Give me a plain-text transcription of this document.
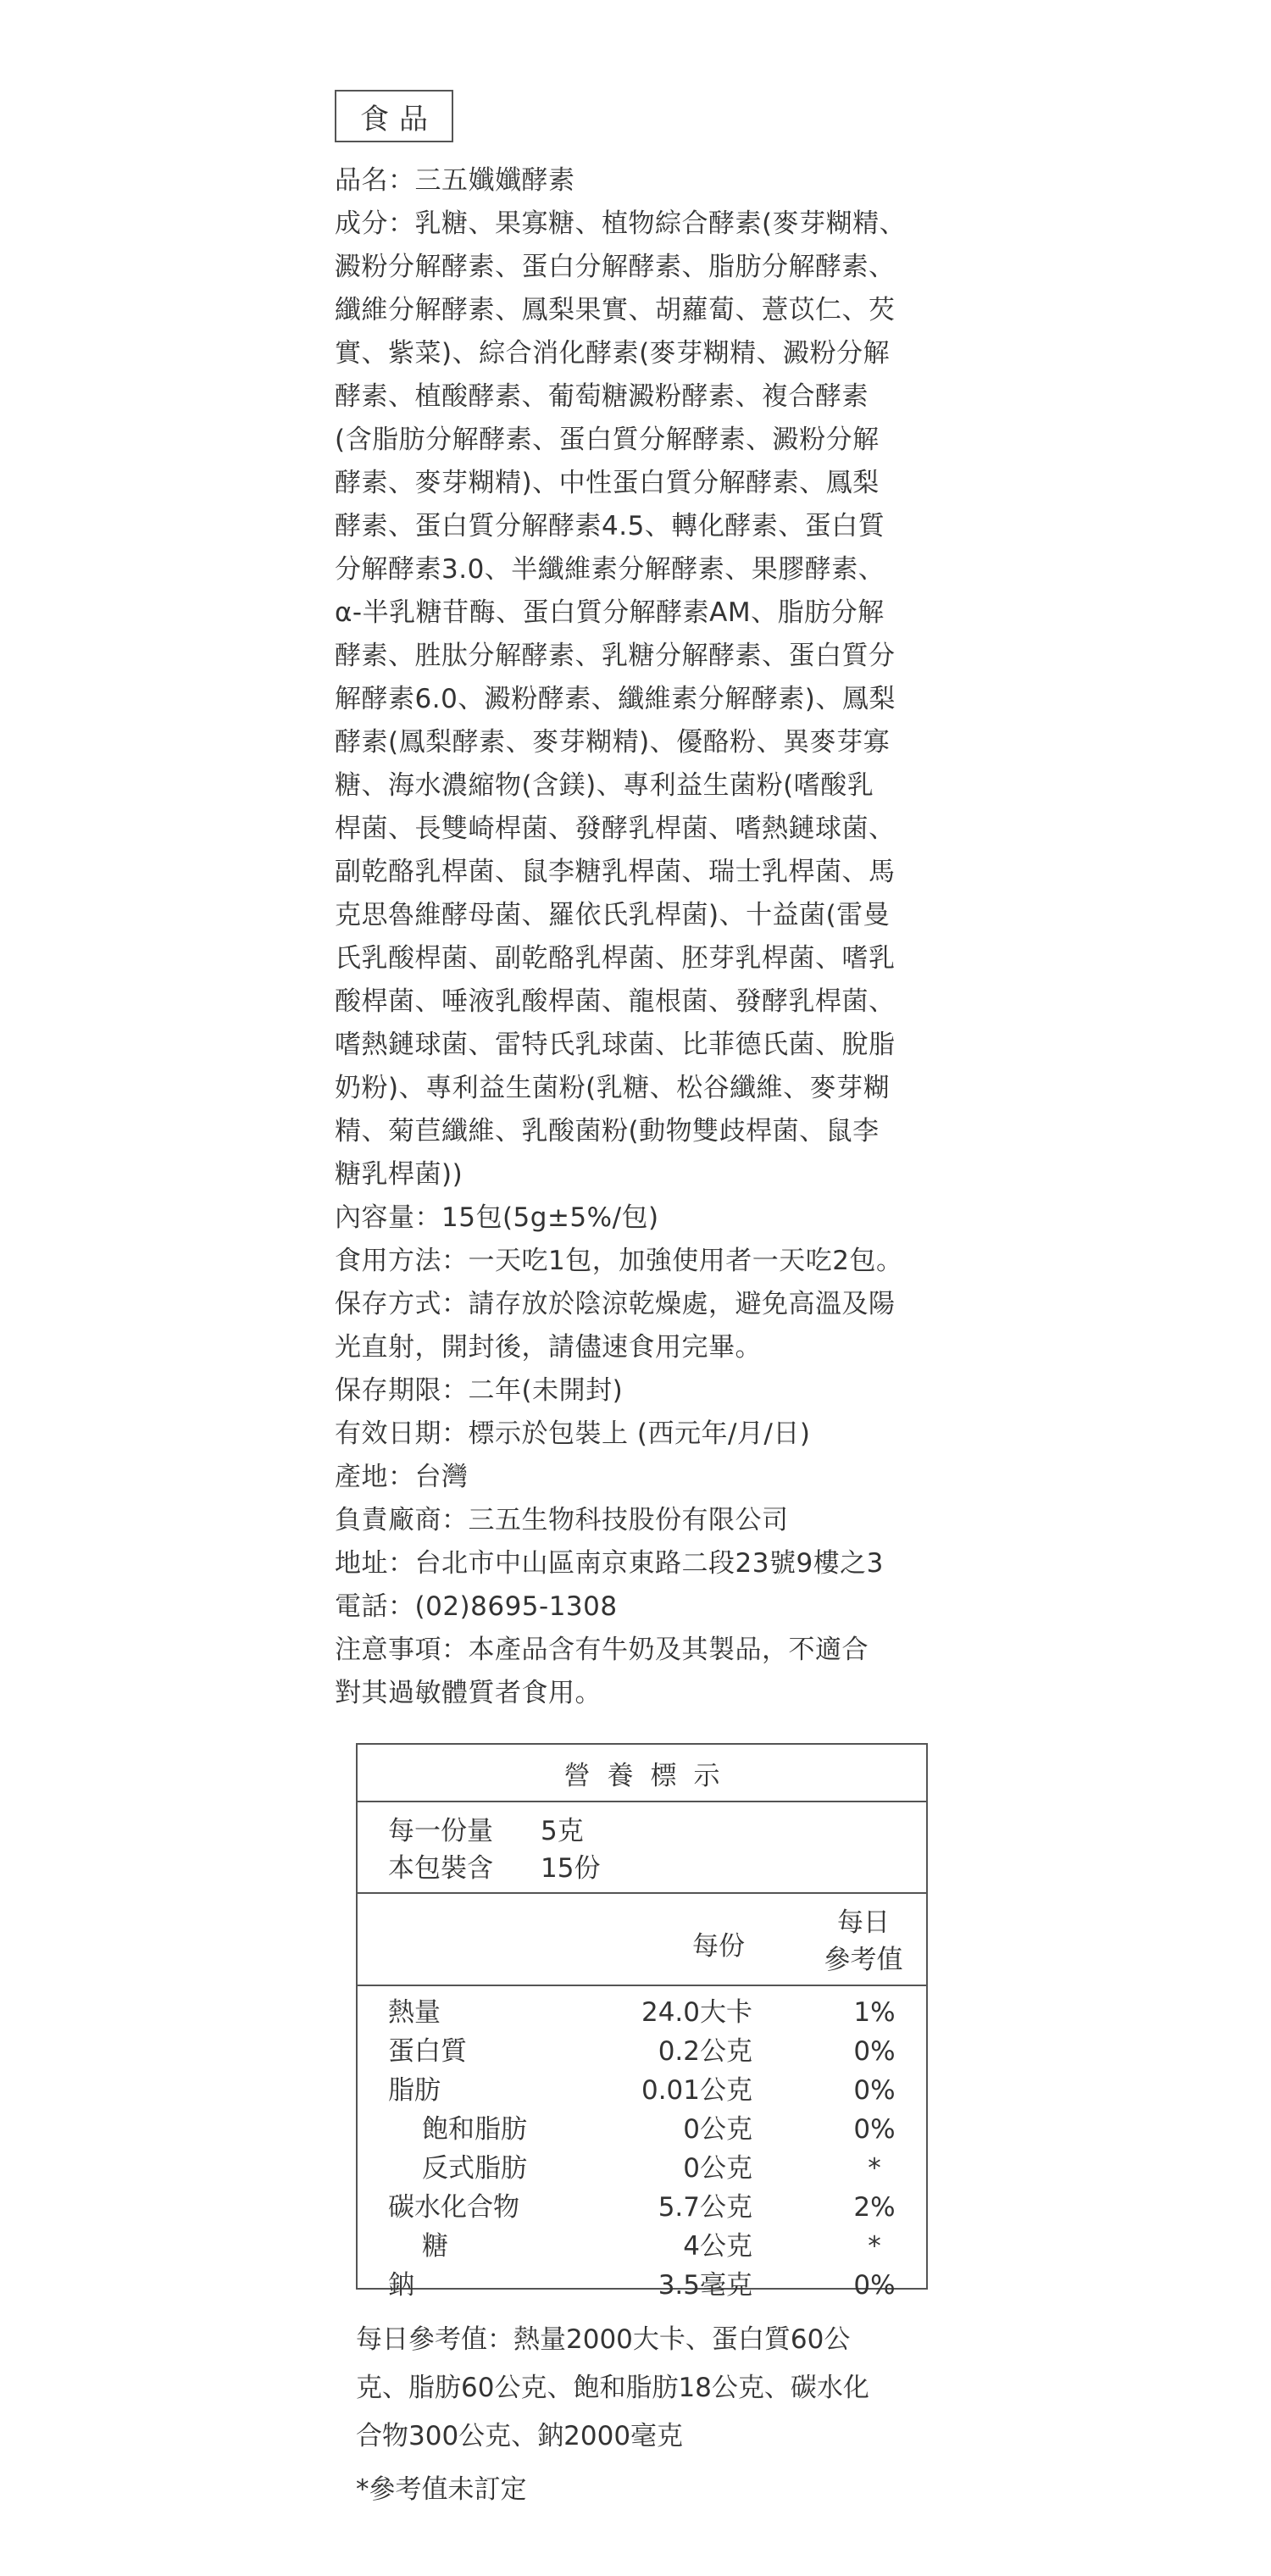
食品
品名：三五孅孅酵素
成分：乳糖、果寡糖、植物綜合酵素(麥芽糊精、
澱粉分解酵素、蛋白分解酵素、脂肪分解酵素、
纖維分解酵素、鳳梨果實、胡蘿蔔、薏苡仁、芡
實、紫菜)、綜合消化酵素(麥芽糊精、澱粉分解
酵素、植酸酵素、葡萄糖澱粉酵素、複合酵素
(含脂肪分解酵素、蛋白質分解酵素、澱粉分解
酵素、麥芽糊精)、中性蛋白質分解酵素、鳳梨
酵素、蛋白質分解酵素4.5、轉化酵素、蛋白質
分解酵素3.0、半纖維素分解酵素、果膠酵素、
α-半乳糖苷酶、蛋白質分解酵素AM、脂肪分解
酵素、胜肽分解酵素、乳糖分解酵素、蛋白質分
解酵素6.0、澱粉酵素、纖維素分解酵素)、鳳梨
酵素(鳳梨酵素、麥芽糊精)、優酪粉、異麥芽寡
糖、海水濃縮物(含鎂)、專利益生菌粉(嗜酸乳
桿菌、長雙崎桿菌、發酵乳桿菌、嗜熱鏈球菌、
副乾酪乳桿菌、鼠李糖乳桿菌、瑞士乳桿菌、馬
克思魯維酵母菌、羅依氏乳桿菌)、十益菌(雷曼
氏乳酸桿菌、副乾酪乳桿菌、胚芽乳桿菌、嗜乳
酸桿菌、唾液乳酸桿菌、龍根菌、發酵乳桿菌、
嗜熱鏈球菌、雷特氏乳球菌、比菲德氏菌、脫脂
奶粉)、專利益生菌粉(乳糖、松谷纖維、麥芽糊
精、菊苣纖維、乳酸菌粉(動物雙歧桿菌、鼠李
糖乳桿菌))
內容量：15包(5g±5%/包)
食用方法：一天吃1包，加強使用者一天吃2包。
保存方式：請存放於陰涼乾燥處，避免高溫及陽
光直射，開封後，請儘速食用完畢。
保存期限：二年(未開封)
有效日期：標示於包裝上 (西元年/月/日)
產地：台灣
負責廠商：三五生物科技股份有限公司
地址：台北市中山區南京東路二段23號9樓之3
電話：(02)8695-1308
注意事項：本產品含有牛奶及其製品，不適合
對其過敏體質者食用。
營養標示
每一份量	5克
本包裝含	15份
每份
每日
參考值
熱量	24.0大卡	1%
蛋白質	0.2公克	0%
脂肪	0.01公克	0%
飽和脂肪	0公克	0%
反式脂肪	0公克	*
碳水化合物	5.7公克	2%
糖	4公克	*
鈉	3.5毫克	0%
每日參考值：熱量2000大卡、蛋白質60公
克、脂肪60公克、飽和脂肪18公克、碳水化
合物300公克、鈉2000毫克
*參考值未訂定
